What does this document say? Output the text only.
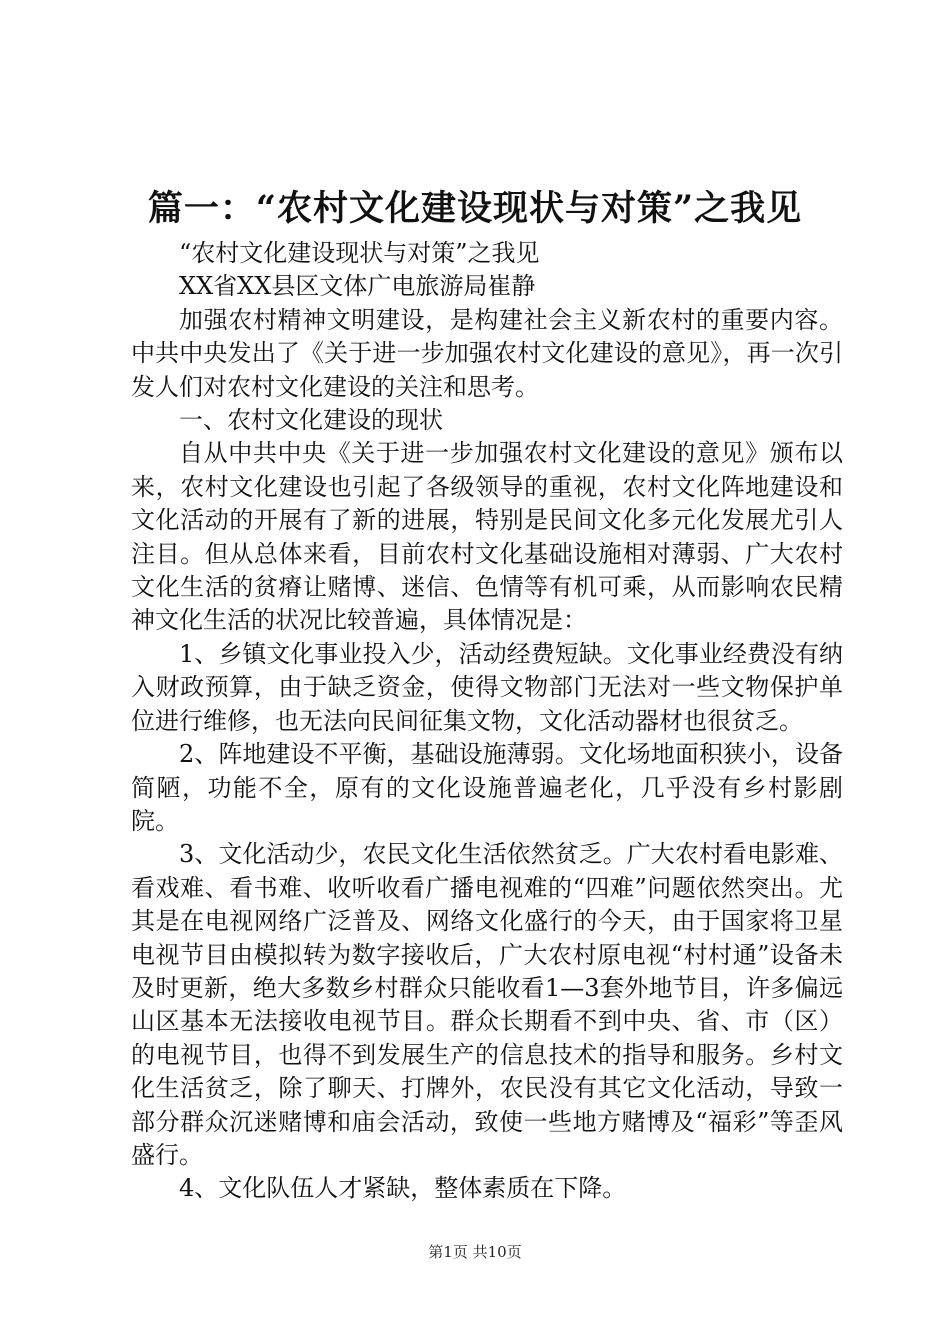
篇一：“农村文化建设现状与对策”之我见

“农村文化建设现状与对策”之我见

XX省XX县区文体广电旅游局崔静

加强农村精神文明建设，是构建社会主义新农村的重要内容。中共中央发出了《关于进一步加强农村文化建设的意见》，再一次引发人们对农村文化建设的关注和思考。

一、农村文化建设的现状

自从中共中央《关于进一步加强农村文化建设的意见》颁布以来，农村文化建设也引起了各级领导的重视，农村文化阵地建设和文化活动的开展有了新的进展，特别是民间文化多元化发展尤引人注目。但从总体来看，目前农村文化基础设施相对薄弱、广大农村文化生活的贫瘠让赌博、迷信、色情等有机可乘，从而影响农民精神文化生活的状况比较普遍，具体情况是：

1、乡镇文化事业投入少，活动经费短缺。文化事业经费没有纳入财政预算，由于缺乏资金，使得文物部门无法对一些文物保护单位进行维修，也无法向民间征集文物，文化活动器材也很贫乏。

2、阵地建设不平衡，基础设施薄弱。文化场地面积狭小，设备简陋，功能不全，原有的文化设施普遍老化，几乎没有乡村影剧院。

3、文化活动少，农民文化生活依然贫乏。广大农村看电影难、看戏难、看书难、收听收看广播电视难的“四难”问题依然突出。尤其是在电视网络广泛普及、网络文化盛行的今天，由于国家将卫星电视节目由模拟转为数字接收后，广大农村原电视“村村通”设备未及时更新，绝大多数乡村群众只能收看1—3套外地节目，许多偏远山区基本无法接收电视节目。群众长期看不到中央、省、市（区）的电视节目，也得不到发展生产的信息技术的指导和服务。乡村文化生活贫乏，除了聊天、打牌外，农民没有其它文化活动，导致一部分群众沉迷赌博和庙会活动，致使一些地方赌博及“福彩”等歪风盛行。

4、文化队伍人才紧缺，整体素质在下降。

第1页 共10页
